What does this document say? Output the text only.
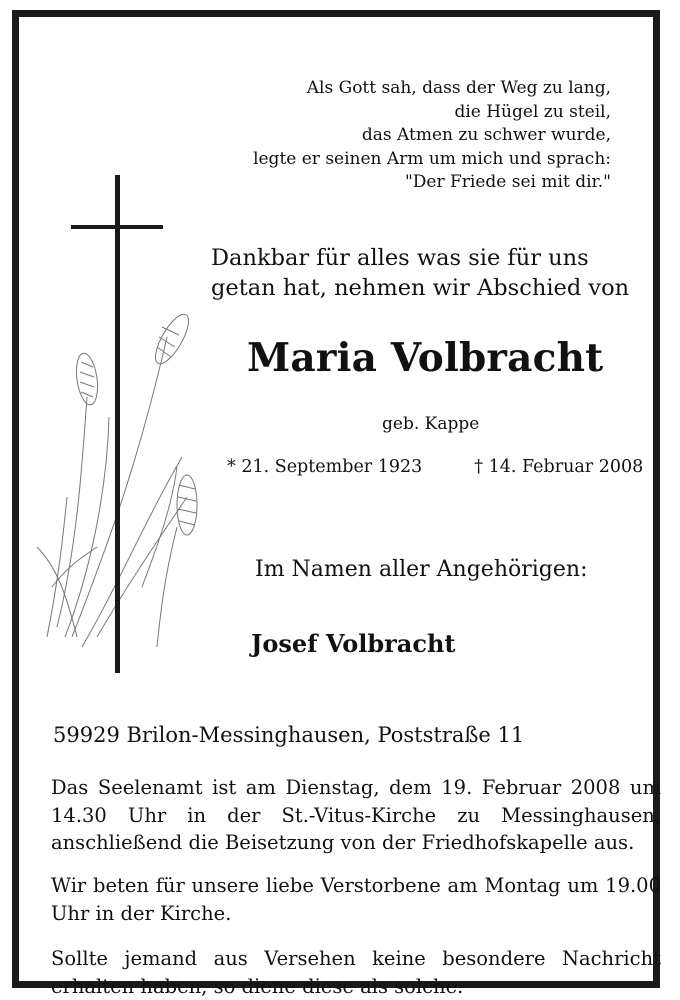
Als Gott sah, dass der Weg zu lang,
die Hügel zu steil,
das Atmen zu schwer wurde,
legte er seinen Arm um mich und sprach:
"Der Friede sei mit dir."
Dankbar für alles was sie für uns
getan hat, nehmen wir Abschied von
Maria Volbracht
geb. Kappe
* 21. September 1923	† 14. Februar 2008
Im Namen aller Angehörigen:
Josef Volbracht
59929 Brilon-Messinghausen, Poststraße 11
Das Seelenamt ist am Dienstag, dem 19. Februar 2008 um 14.30 Uhr in der St.-Vitus-Kirche zu Messinghausen, anschließend die Beisetzung von der Friedhofskapelle aus.
Wir beten für unsere liebe Verstorbene am Montag um 19.00 Uhr in der Kirche.
Sollte jemand aus Versehen keine besondere Nachricht erhalten haben, so diene diese als solche.
